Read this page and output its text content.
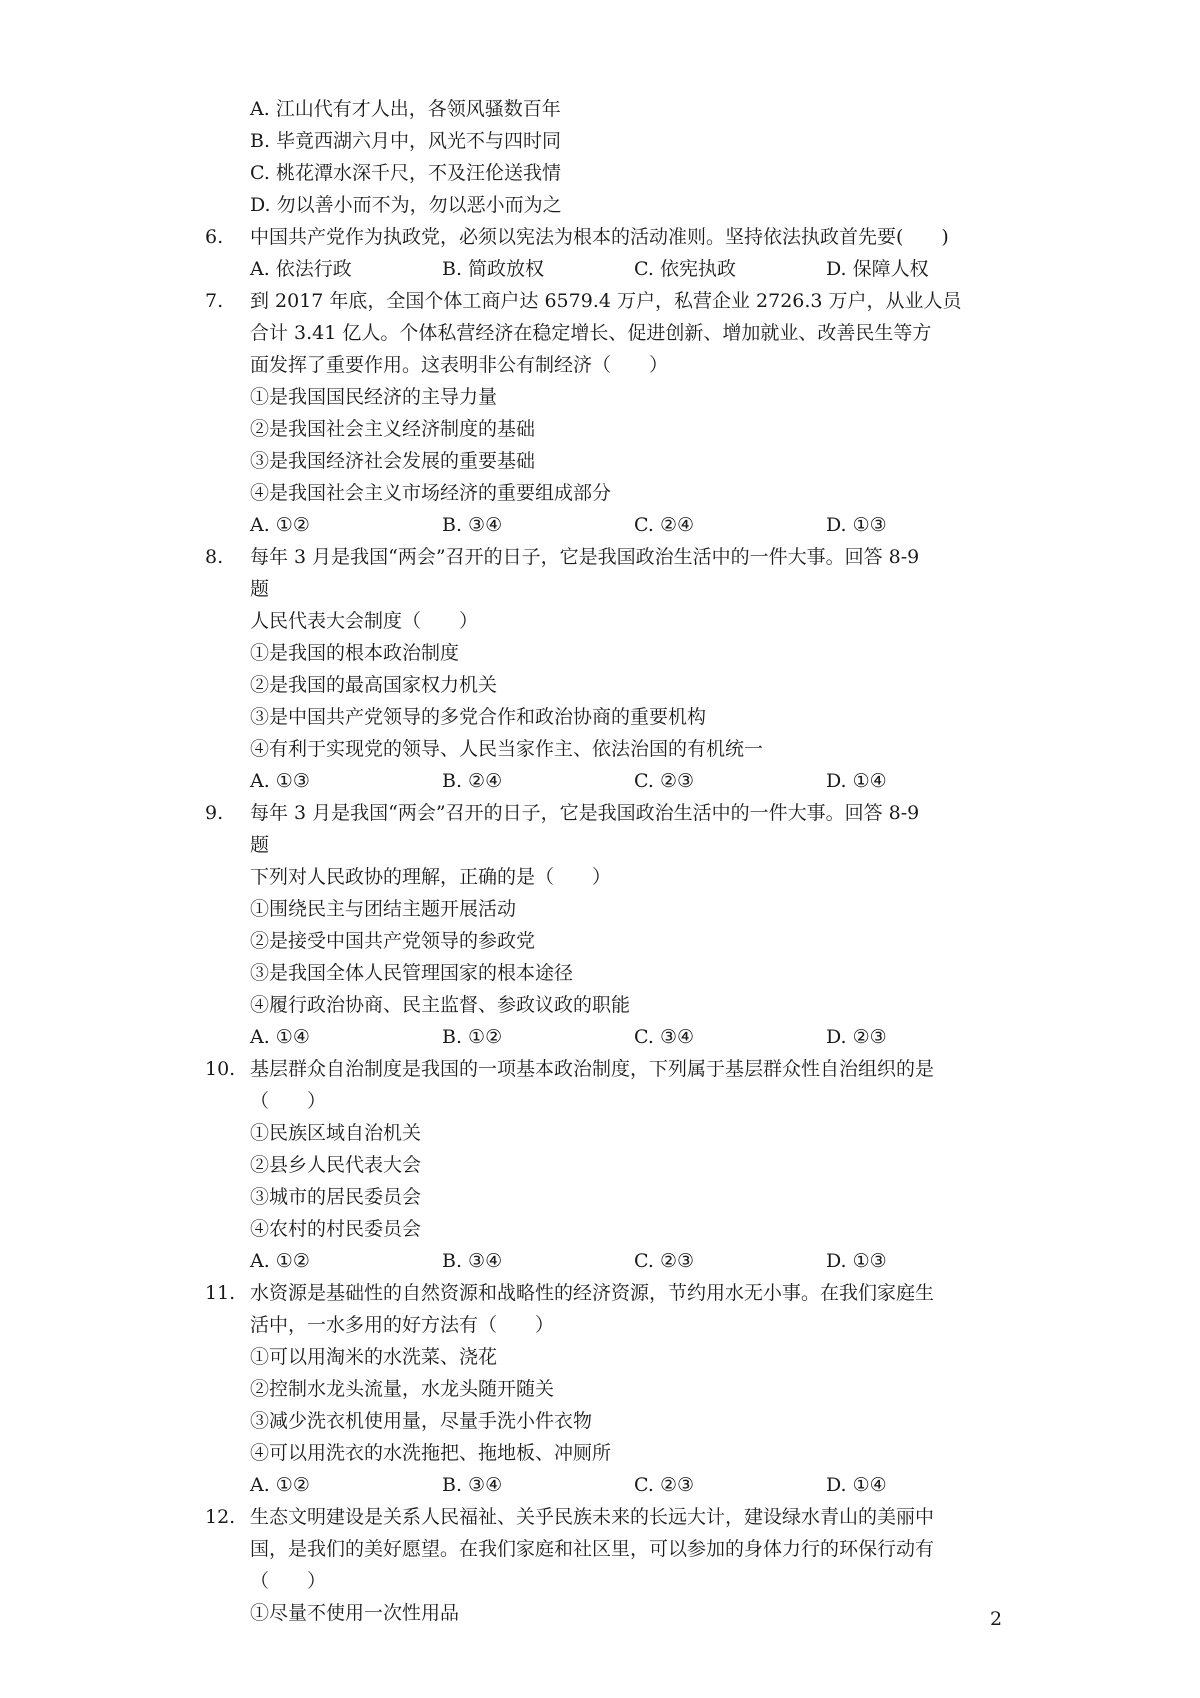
A. 江山代有才人出，各领风骚数百年
B. 毕竟西湖六月中，风光不与四时同
C. 桃花潭水深千尺，不及汪伦送我情
D. 勿以善小而不为，勿以恶小而为之
6.	中国共产党作为执政党，必须以宪法为根本的活动准则。坚持依法执政首先要(　　)
A. 依法行政	B. 简政放权	C. 依宪执政	D. 保障人权
7.	到 2017 年底，全国个体工商户达 6579.4 万户，私营企业 2726.3 万户，从业人员
合计 3.41 亿人。个体私营经济在稳定增长、促进创新、增加就业、改善民生等方
面发挥了重要作用。这表明非公有制经济（　　）
①是我国国民经济的主导力量
②是我国社会主义经济制度的基础
③是我国经济社会发展的重要基础
④是我国社会主义市场经济的重要组成部分
A. ①②	B. ③④	C. ②④	D. ①③
8.	每年 3 月是我国“两会”召开的日子，它是我国政治生活中的一件大事。回答 8-9
题
人民代表大会制度（　　）
①是我国的根本政治制度
②是我国的最高国家权力机关
③是中国共产党领导的多党合作和政治协商的重要机构
④有利于实现党的领导、人民当家作主、依法治国的有机统一
A. ①③	B. ②④	C. ②③	D. ①④
9.	每年 3 月是我国“两会”召开的日子，它是我国政治生活中的一件大事。回答 8-9
题
下列对人民政协的理解，正确的是（　　）
①围绕民主与团结主题开展活动
②是接受中国共产党领导的参政党
③是我国全体人民管理国家的根本途径
④履行政治协商、民主监督、参政议政的职能
A. ①④	B. ①②	C. ③④	D. ②③
10. 基层群众自治制度是我国的一项基本政治制度，下列属于基层群众性自治组织的是
（　　）
①民族区域自治机关
②县乡人民代表大会
③城市的居民委员会
④农村的村民委员会
A. ①②	B. ③④	C. ②③	D. ①③
11. 水资源是基础性的自然资源和战略性的经济资源，节约用水无小事。在我们家庭生
活中，一水多用的好方法有（　　）
①可以用淘米的水洗菜、浇花
②控制水龙头流量，水龙头随开随关
③减少洗衣机使用量，尽量手洗小件衣物
④可以用洗衣的水洗拖把、拖地板、冲厕所
A. ①②	B. ③④	C. ②③	D. ①④
12. 生态文明建设是关系人民福祉、关乎民族未来的长远大计，建设绿水青山的美丽中
国，是我们的美好愿望。在我们家庭和社区里，可以参加的身体力行的环保行动有
（　　）
①尽量不使用一次性用品	2
